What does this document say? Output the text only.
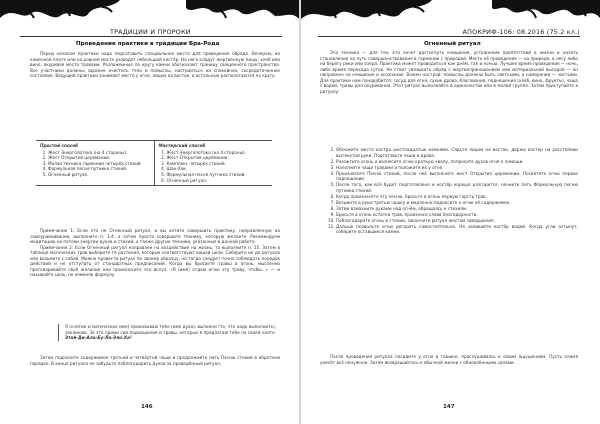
ТРАДИЦИИ И ПРОРОКИ
Проведение практики в традиции Бра-Рода
Перед началом практики надо подготовить специальное место для проведения обряда. Вечером, на каменной плите или на ровном месте разводят небольшой костёр. На него кладут жертвенную пищу, хлеб или вино, окуривая место травами. Разложенные по кругу камни обозначают границу священного пространства. Все участники должны заранее очистить тело и помыслы, настроиться на спокойное, сосредоточенное состояние. Ведущий практики занимает место у огня, лицом на восток, а остальные располагаются по кругу.
Простой способ
1. Жест Энергопотока (на 4 стороны).
2. Жест Открытия церемонии.
3. Малая техника гармонии четырёх стихий.
4. Формульная песня путника стихий.
5. Огненный ритуал.
Мастерский способ
1. Жест Энергопотока (на 4 стороны).
2. Жест Открытия церемонии.
3. Комплекс четырёх стихий.
4. Шан-Хак.
5. Формульная песня путника стихий.
6. Огненный ритуал.

Примечание 1: Если это не Огненный ритуал, и вы хотите совершить практику, направленную на самоуравнивание, выполните п. 1-4, а затем просто совершите технику, которую желаете. Рекомендуем медитацию на потоки энергии духов и стихий, а также другие техники, указанные в данной работе.

Примечание 2: Если Огненный ритуал направлен на воздействие на жизнь, то выполните п. 15. Затем в таблице магических трав выберите те растения, которые соответствуют вашей цели. Соберите их до ритуала или возьмите с собой. Можно провести ритуал по своему образцу, но тогда следует точно соблюдать порядок действий и не отступать от стандартных предписаний. Когда вы бросаете травы в огонь, мысленно проговаривайте своё желание или произносите его вслух: «Я (имя) отдаю огню эту траву, чтобы...» — и называйте цель, не изменяя формулу.

Я (снятие и магическое имя) приказываю тебе (имя духа), выполни (то, что надо выполнить), заклинаю. За это прими сии подношения и травы, которые я предлагаю тебе по своей охоте. Этой-Ди-Ала-Бу-Ла-Эло-Ха!
Затем подносите содержимое третьей и четвёртой чаши и продолжайте петь Песню стихий в обратном порядке. В конце ритуала не забудьте поблагодарить духов за проведённый ритуал.
146
АПОКРИФ-106: 08.2016 (75.2 кл.)
Огненный ритуал
Эта техника — для тех, кто хочет достигнуть очищения, устранения препятствий в жизни и начать становление на путь совершенствования в гармонии с природой. Место её проведения — на природе, в лесу либо на берегу реки или озера. Практика может проводиться как днём, так и ночью. Лучшее время проведения — ночь, либо время перехода суток. Не стоит связывать обряд с жертвоприношением или материальной выгодой — он направлен на очищение и осознание. Важен настрой: помыслы должны быть светлыми, а намерения — чистыми. Для практики нам понадобится: сосуд для огня, сухие дрова, благовония, подношения (хлеб, вино, фрукты), чаша с водой, травы для окуривания. Этот ритуал выполняйте в одиночестве или в малой группе. Затем приступайте к ритуалу:
1. Обложите место костра шестнадцатью камнями. Сядьте лицом на восток, держа костер на расстоянии вытянутой руки. Подготовьте чаши и дрова.
2. Разожгите огонь и вознесите огню краткую хвалу, попросите духов огня о помощи.
3. Наполните чаши травами и положите их у огня.
4. Произнесите Песню стихий, после неё выполните жест Открытия церемонии. Посвятите огню первое подношение.
5. После того, как всё будет подготовлено и костёр хорошо разгорится, начните петь Формульную песню путника стихий.
6. Когда произнесёте эту песню, бросьте в огонь первую горсть трав.
7. Возьмите в руки третью чашку и медленно подносите к огню её содержимое.
8. Затем взмахните руками над огнём, обращаясь к стихиям.
9. Бросьте в огонь остатки трав, произнося слова благодарности.
10. Поблагодарите огонь и стихии, закончите ритуал жестом завершения.
11. Дальше позвольте огню догореть самостоятельно. Не заливайте костёр водой. Когда угли остынут, соберите оставшиеся камни.
После проведения ритуала посидите у огня в тишине, прислушиваясь к своим ощущениям. Пусть пламя унесёт всё ненужное. Затем возвращайтесь к обычной жизни с обновлёнными силами.
147
